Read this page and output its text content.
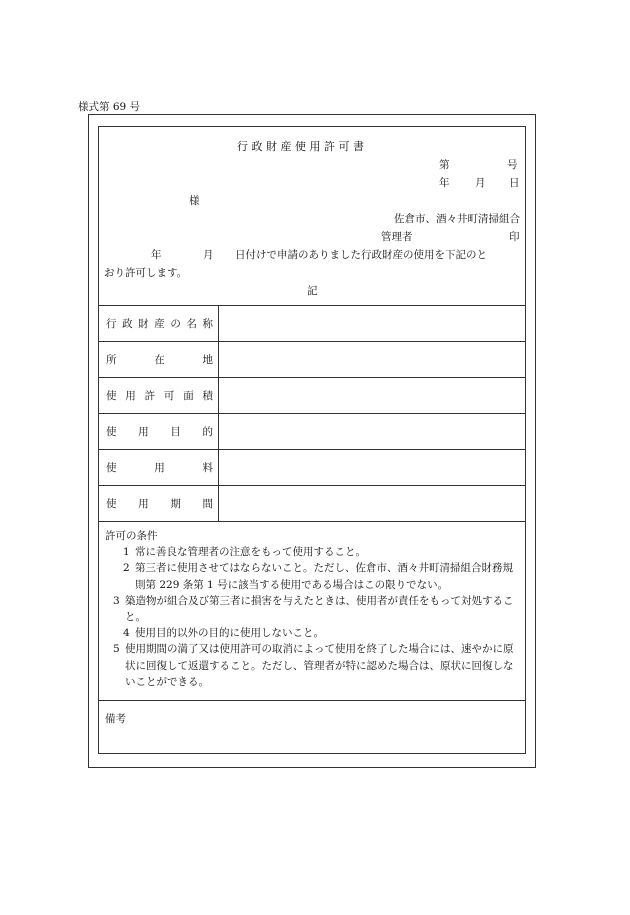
様式第 69 号
行 政 財 産 使 用 許 可 書
第	号
年 月 日
様
佐倉市、酒々井町清掃組合
管理者	印
年	月 日付けで申請のありました行政財産の使用を下記のと
おり許可します。
記
行政財産の名称
所在地
使用許可面積
使用目的
使用料
使用期間
許可の条件
1 常に善良な管理者の注意をもって使用すること。
2 第三者に使用させてはならないこと。ただし、佐倉市、酒々井町清掃組合財務規則第 229 条第 1 号に該当する使用である場合はこの限りでない。
3 築造物が組合及び第三者に損害を与えたときは、使用者が責任をもって対処すること。
4 使用目的以外の目的に使用しないこと。
5 使用期間の満了又は使用許可の取消によって使用を終了した場合には、速やかに原状に回復して返還すること。ただし、管理者が特に認めた場合は、原状に回復しないことができる。
備考
